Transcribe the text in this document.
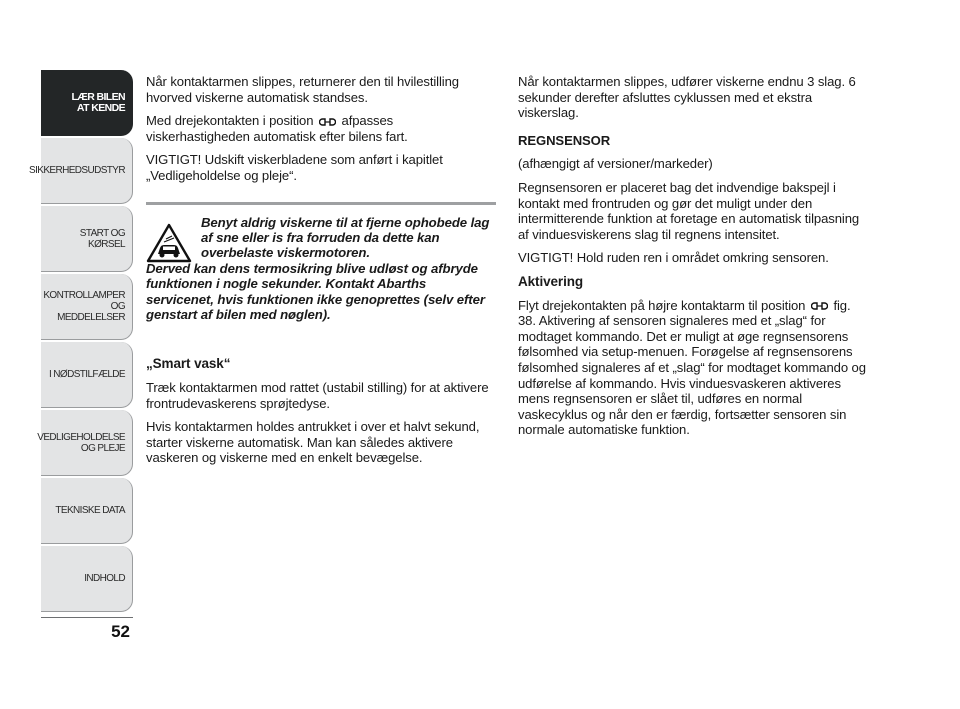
LÆR BILEN
AT KENDE
SIKKERHEDSUDSTYR
START OG KØRSEL
KONTROLLAMPER
OG MEDDELELSER
I NØDSTILFÆLDE
VEDLIGEHOLDELSE
OG PLEJE
TEKNISKE DATA
INDHOLD
52

Når kontaktarmen slippes, returnerer den til hvilestilling hvorved viskerne automatisk standses.

Med drejekontakten i position  afpasses viskerhastigheden automatisk efter bilens fart.

VIGTIGT! Udskift viskerbladene som anført i kapitlet „Vedligeholdelse og pleje“.

Benyt aldrig viskerne til at fjerne ophobede lag af sne eller is fra forruden da dette kan overbelaste viskermotoren.
Derved kan dens termosikring blive udløst og afbryde funktionen i nogle sekunder. Kontakt Abarths servicenet, hvis funktionen ikke genoprettes (selv efter genstart af bilen med nøglen).

„Smart vask“

Træk kontaktarmen mod rattet (ustabil stilling) for at aktivere frontrudevaskerens sprøjtedyse.

Hvis kontaktarmen holdes antrukket i over et halvt sekund, starter viskerne automatisk. Man kan således aktivere vaskeren og viskerne med en enkelt bevægelse.

Når kontaktarmen slippes, udfører viskerne endnu 3 slag. 6 sekunder derefter afsluttes cyklussen med et ekstra viskerslag.

REGNSENSOR

(afhængigt af versioner/markeder)

Regnsensoren er placeret bag det indvendige bakspejl i kontakt med frontruden og gør det muligt under den intermitterende funktion at foretage en automatisk tilpasning af vinduesviskerens slag til regnens intensitet.

VIGTIGT! Hold ruden ren i området omkring sensoren.

Aktivering

Flyt drejekontakten på højre kontaktarm til position  fig. 38. Aktivering af sensoren signaleres med et „slag“ for modtaget kommando. Det er muligt at øge regnsensorens følsomhed via setup-menuen. Forøgelse af regnsensorens følsomhed signaleres af et „slag“ for modtaget kommando og udførelse af kommando. Hvis vinduesvaskeren aktiveres mens regnsensoren er slået til, udføres en normal vaskecyklus og når den er færdig, fortsætter sensoren sin normale automatiske funktion.
